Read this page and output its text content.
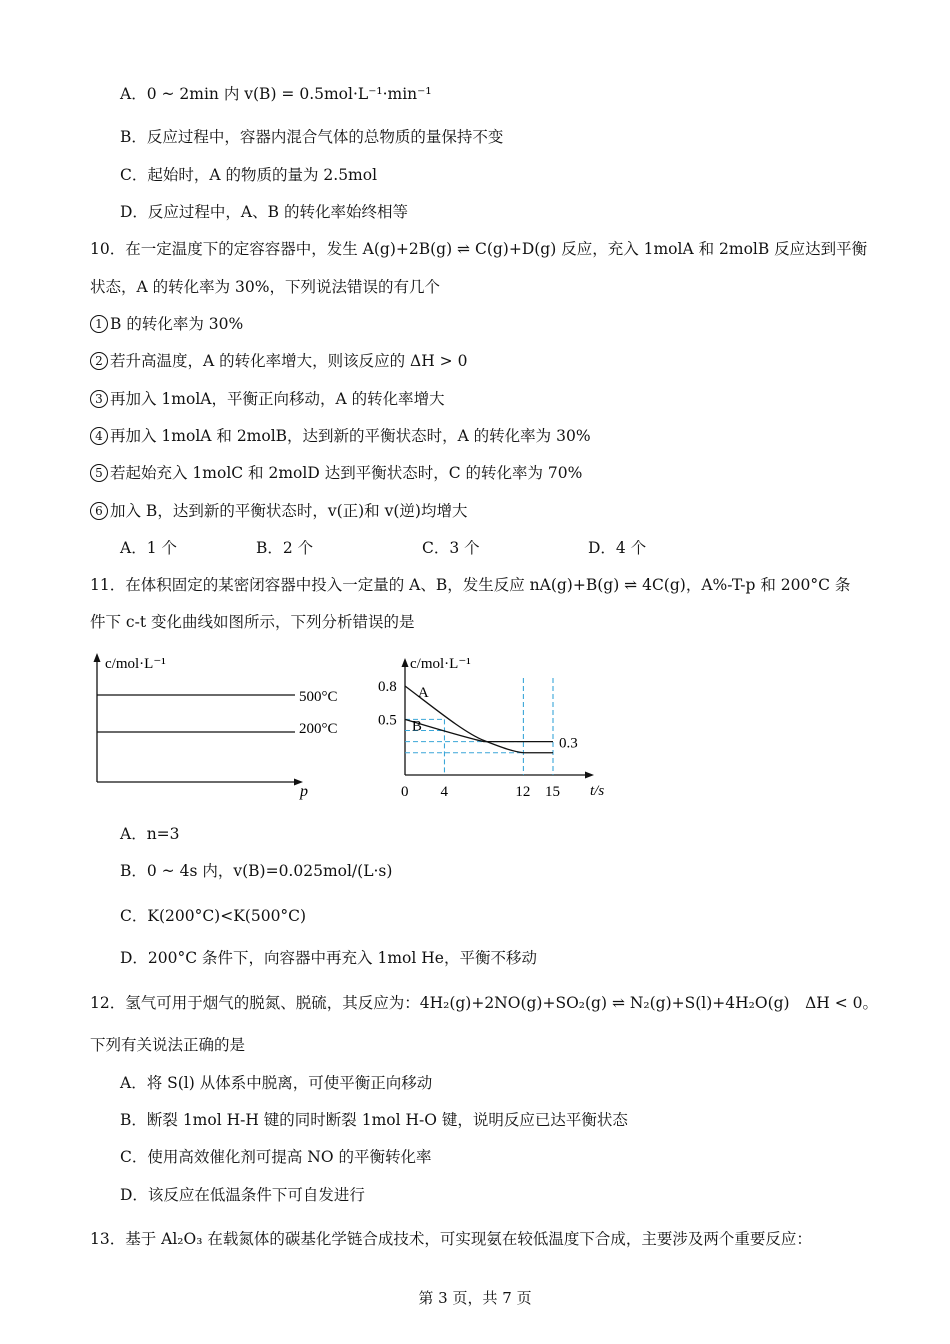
A．0 ~ 2min 内 v(B) = 0.5mol·L⁻¹·min⁻¹
B．反应过程中，容器内混合气体的总物质的量保持不变
C．起始时，A 的物质的量为 2.5mol
D．反应过程中，A、B 的转化率始终相等
10．在一定温度下的定容容器中，发生 A(g)+2B(g) ⇌ C(g)+D(g) 反应，充入 1molA 和 2molB 反应达到平衡
状态，A 的转化率为 30%，下列说法错误的有几个
1 B 的转化率为 30%
2 若升高温度，A 的转化率增大，则该反应的 ΔH > 0
3 再加入 1molA，平衡正向移动，A 的转化率增大
4 再加入 1molA 和 2molB，达到新的平衡状态时，A 的转化率为 30%
5 若起始充入 1molC 和 2molD 达到平衡状态时，C 的转化率为 70%
6 加入 B，达到新的平衡状态时，v(正)和 v(逆)均增大
A．1 个	B．2 个	C．3 个	D．4 个
11．在体积固定的某密闭容器中投入一定量的 A、B，发生反应 nA(g)+B(g) ⇌ 4C(g)，A%-T-p 和 200°C 条
件下 c-t 变化曲线如图所示，下列分析错误的是
c/mol·L⁻¹
p
500°C
200°C
c/mol·L⁻¹
t/s
0.8
0.5
0 4	12 15
A
B
0.3
A．n=3
B．0 ~ 4s 内，v(B)=0.025mol/(L·s)
C．K(200°C)<K(500°C)
D．200°C 条件下，向容器中再充入 1mol He，平衡不移动
12．氢气可用于烟气的脱氮、脱硫，其反应为：4H₂(g)+2NO(g)+SO₂(g) ⇌ N₂(g)+S(l)+4H₂O(g)　ΔH < 0。
下列有关说法正确的是
A．将 S(l) 从体系中脱离，可使平衡正向移动
B．断裂 1mol H-H 键的同时断裂 1mol H-O 键，说明反应已达平衡状态
C．使用高效催化剂可提高 NO 的平衡转化率
D．该反应在低温条件下可自发进行
13．基于 Al₂O₃ 在载氮体的碳基化学链合成技术，可实现氨在较低温度下合成，主要涉及两个重要反应：
第 3 页，共 7 页
